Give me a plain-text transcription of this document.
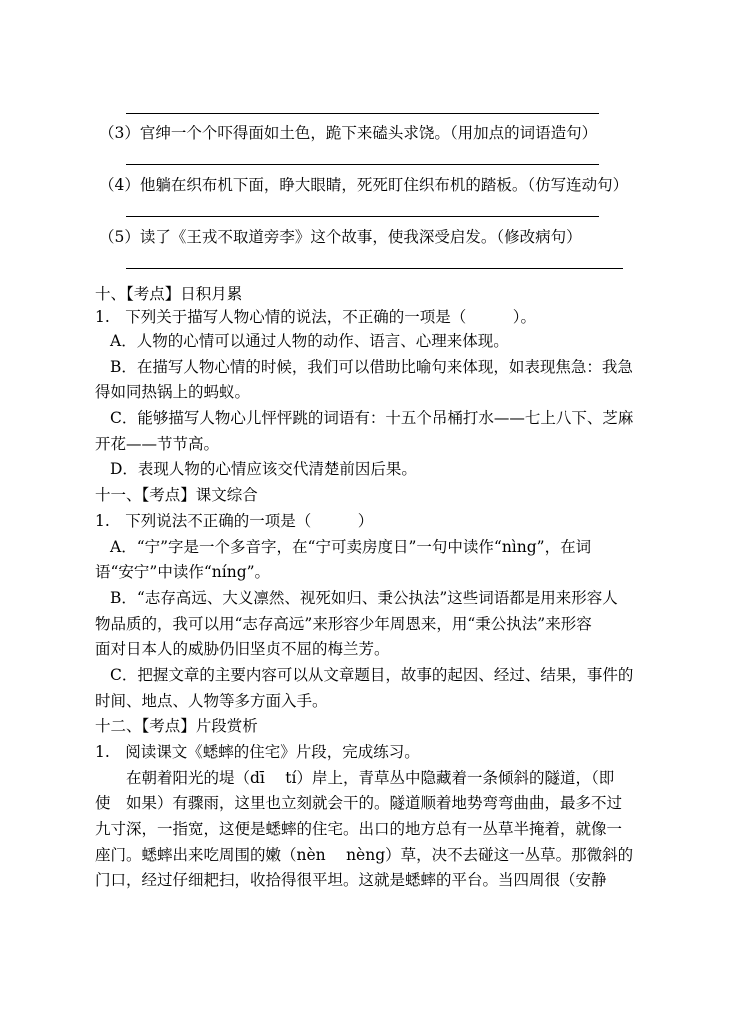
（3）官绅一个个吓得面如土色，跪下来磕头求饶。（用加点的词语造句）
（4）他躺在织布机下面，睁大眼睛，死死盯住织布机的踏板。（仿写连动句）
（5）读了《王戎不取道旁李》这个故事，使我深受启发。（修改病句）
十、【考点】日积月累
1.　下列关于描写人物心情的说法，不正确的一项是（　　　）。
A．人物的心情可以通过人物的动作、语言、心理来体现。
B．在描写人物心情的时候，我们可以借助比喻句来体现，如表现焦急：我急
得如同热锅上的蚂蚁。
C．能够描写人物心儿怦怦跳的词语有：十五个吊桶打水——七上八下、芝麻
开花——节节高。
D．表现人物的心情应该交代清楚前因后果。
十一、【考点】课文综合
1.　下列说法不正确的一项是（　　　）
A．“宁”字是一个多音字，在“宁可卖房度日”一句中读作“nìng”，在词
语“安宁”中读作“níng”。
B．“志存高远、大义凛然、视死如归、秉公执法”这些词语都是用来形容人
物品质的，我可以用“志存高远”来形容少年周恩来，用“秉公执法”来形容
面对日本人的威胁仍旧坚贞不屈的梅兰芳。
C．把握文章的主要内容可以从文章题目，故事的起因、经过、结果，事件的
时间、地点、人物等多方面入手。
十二、【考点】片段赏析
1.　阅读课文《蟋蟀的住宅》片段，完成练习。
　　在朝着阳光的堤（dī　 tí）岸上，青草丛中隐藏着一条倾斜的隧道，（即
使　如果）有骤雨，这里也立刻就会干的。隧道顺着地势弯弯曲曲，最多不过
九寸深，一指宽，这便是蟋蟀的住宅。出口的地方总有一丛草半掩着，就像一
座门。蟋蟀出来吃周围的嫩（nèn　 nèng）草，决不去碰这一丛草。那微斜的
门口，经过仔细耙扫，收拾得很平坦。这就是蟋蟀的平台。当四周很（安静
